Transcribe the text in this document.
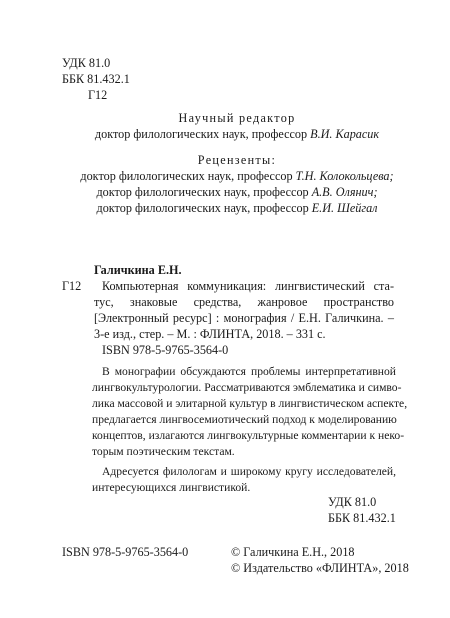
УДК 81.0
ББК 81.432.1
Г12
Научный редактор
доктор филологических наук, профессор В.И. Карасик
Рецензенты:
доктор филологических наук, профессор Т.Н. Колокольцева;
доктор филологических наук, профессор А.В. Олянич;
доктор филологических наук, профессор Е.И. Шейгал
Галичкина Е.Н.
Г12 Компьютерная коммуникация: лингвистический ста-
тус, знаковые средства, жанровое пространство
[Электронный ресурс] : монография / Е.Н. Галичкина. –
3-е изд., стер. – М. : ФЛИНТА, 2018. – 331 с.
ISBN 978-5-9765-3564-0
В монографии обсуждаются проблемы интерпретативной
лингвокультурологии. Рассматриваются эмблематика и симво-
лика массовой и элитарной культур в лингвистическом аспекте,
предлагается лингвосемиотический подход к моделированию
концептов, излагаются лингвокультурные комментарии к неко-
торым поэтическим текстам.
Адресуется филологам и широкому кругу исследователей,
интересующихся лингвистикой.
УДК 81.0
ББК 81.432.1
ISBN 978-5-9765-3564-0	© Галичкина Е.Н., 2018
© Издательство «ФЛИНТА», 2018
